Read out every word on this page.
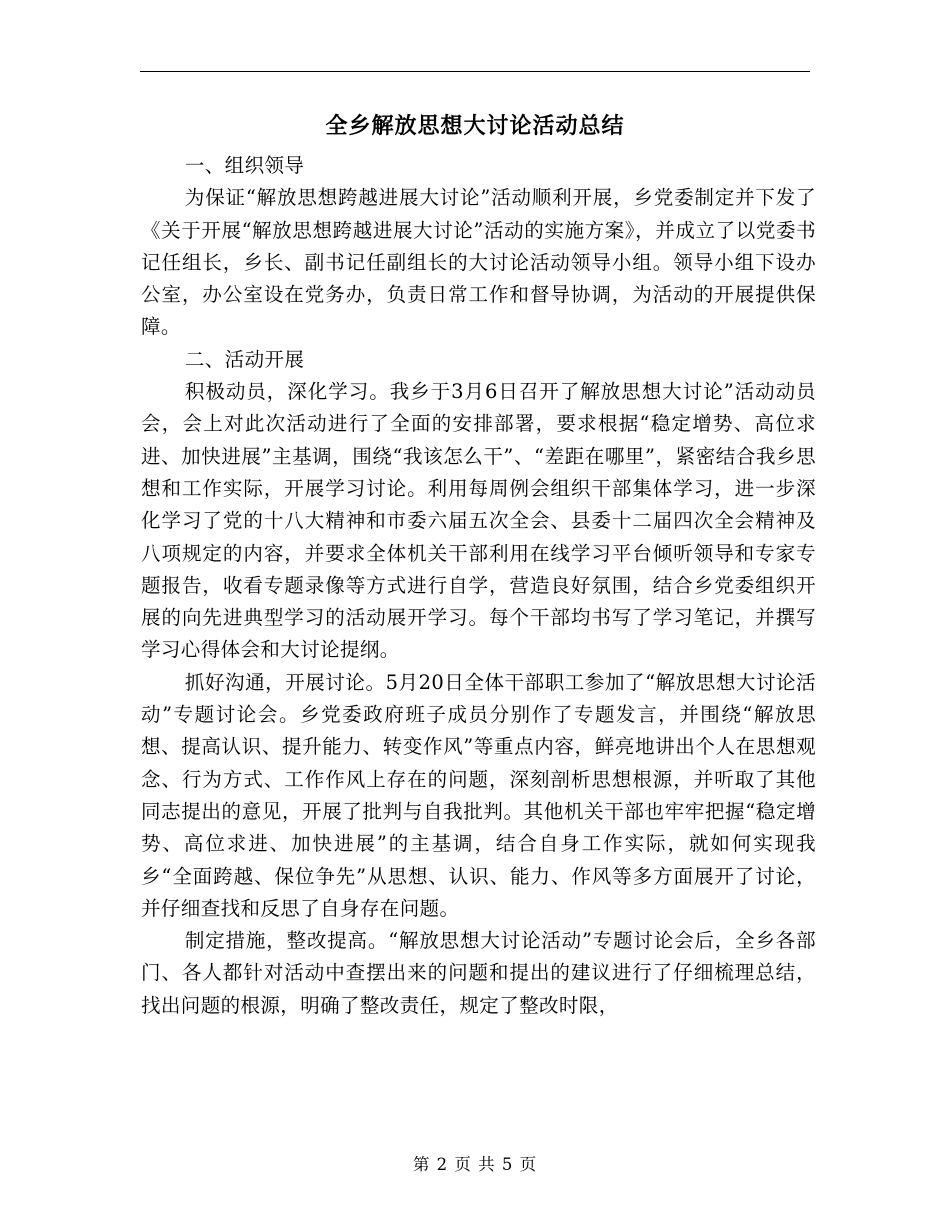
全乡解放思想大讨论活动总结

一、组织领导

为保证“解放思想跨越进展大讨论”活动顺利开展，乡党委制定并下发了《关于开展“解放思想跨越进展大讨论”活动的实施方案》，并成立了以党委书记任组长，乡长、副书记任副组长的大讨论活动领导小组。领导小组下设办公室，办公室设在党务办，负责日常工作和督导协调，为活动的开展提供保障。

二、活动开展

积极动员，深化学习。我乡于3月6日召开了解放思想大讨论”活动动员会，会上对此次活动进行了全面的安排部署，要求根据“稳定增势、高位求进、加快进展”主基调，围绕“我该怎么干”、“差距在哪里”，紧密结合我乡思想和工作实际，开展学习讨论。利用每周例会组织干部集体学习，进一步深化学习了党的十八大精神和市委六届五次全会、县委十二届四次全会精神及八项规定的内容，并要求全体机关干部利用在线学习平台倾听领导和专家专题报告，收看专题录像等方式进行自学，营造良好氛围，结合乡党委组织开展的向先进典型学习的活动展开学习。每个干部均书写了学习笔记，并撰写学习心得体会和大讨论提纲。

抓好沟通，开展讨论。5月20日全体干部职工参加了“解放思想大讨论活动”专题讨论会。乡党委政府班子成员分别作了专题发言，并围绕“解放思想、提高认识、提升能力、转变作风”等重点内容，鲜亮地讲出个人在思想观念、行为方式、工作作风上存在的问题，深刻剖析思想根源，并听取了其他同志提出的意见，开展了批判与自我批判。其他机关干部也牢牢把握“稳定增势、高位求进、加快进展”的主基调，结合自身工作实际，就如何实现我乡“全面跨越、保位争先”从思想、认识、能力、作风等多方面展开了讨论，并仔细查找和反思了自身存在问题。

制定措施，整改提高。“解放思想大讨论活动”专题讨论会后，全乡各部门、各人都针对活动中查摆出来的问题和提出的建议进行了仔细梳理总结，找出问题的根源，明确了整改责任，规定了整改时限，

第 2 页 共 5 页
